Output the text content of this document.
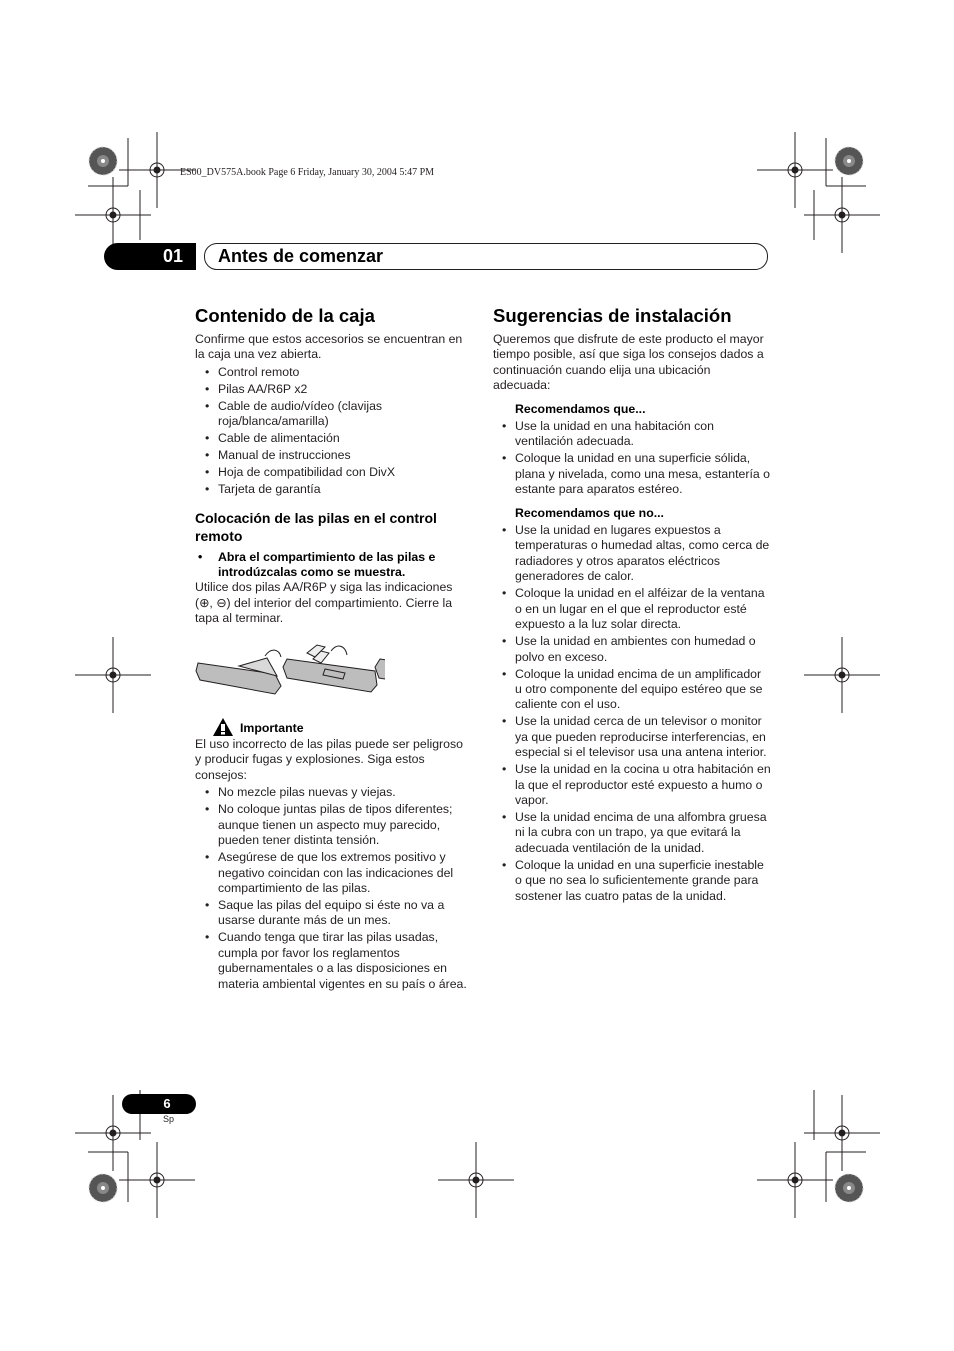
ES00_DV575A.book Page 6 Friday, January 30, 2004 5:47 PM
01	Antes de comenzar
Contenido de la caja

Confirme que estos accesorios se encuentran en la caja una vez abierta.

• Control remoto
• Pilas AA/R6P x2
• Cable de audio/vídeo (clavijas roja/blanca/amarilla)
• Cable de alimentación
• Manual de instrucciones
• Hoja de compatibilidad con DivX
• Tarjeta de garantía
Colocación de las pilas en el control remoto
• Abra el compartimiento de las pilas e introdúzcalas como se muestra.

Utilice dos pilas AA/R6P y siga las indicaciones (⊕, ⊖) del interior del compartimiento. Cierre la tapa al terminar.

Importante

El uso incorrecto de las pilas puede ser peligroso y producir fugas y explosiones. Siga estos consejos:

• No mezcle pilas nuevas y viejas.
• No coloque juntas pilas de tipos diferentes; aunque tienen un aspecto muy parecido, pueden tener distinta tensión.
• Asegúrese de que los extremos positivo y negativo coincidan con las indicaciones del compartimiento de las pilas.
• Saque las pilas del equipo si éste no va a usarse durante más de un mes.
• Cuando tenga que tirar las pilas usadas, cumpla por favor los reglamentos gubernamentales o a las disposiciones en materia ambiental vigentes en su país o área.
Sugerencias de instalación

Queremos que disfrute de este producto el mayor tiempo posible, así que siga los consejos dados a continuación cuando elija una ubicación adecuada:

Recomendamos que...
• Use la unidad en una habitación con ventilación adecuada.
• Coloque la unidad en una superficie sólida, plana y nivelada, como una mesa, estantería o estante para aparatos estéreo.
Recomendamos que no...
• Use la unidad en lugares expuestos a temperaturas o humedad altas, como cerca de radiadores y otros aparatos eléctricos generadores de calor.
• Coloque la unidad en el alféizar de la ventana o en un lugar en el que el reproductor esté expuesto a la luz solar directa.
• Use la unidad en ambientes con humedad o polvo en exceso.
• Coloque la unidad encima de un amplificador u otro componente del equipo estéreo que se caliente con el uso.
• Use la unidad cerca de un televisor o monitor ya que pueden reproducirse interferencias, en especial si el televisor usa una antena interior.
• Use la unidad en la cocina u otra habitación en la que el reproductor esté expuesto a humo o vapor.
• Use la unidad encima de una alfombra gruesa ni la cubra con un trapo, ya que evitará la adecuada ventilación de la unidad.
• Coloque la unidad en una superficie inestable o que no sea lo suficientemente grande para sostener las cuatro patas de la unidad.
6
Sp
